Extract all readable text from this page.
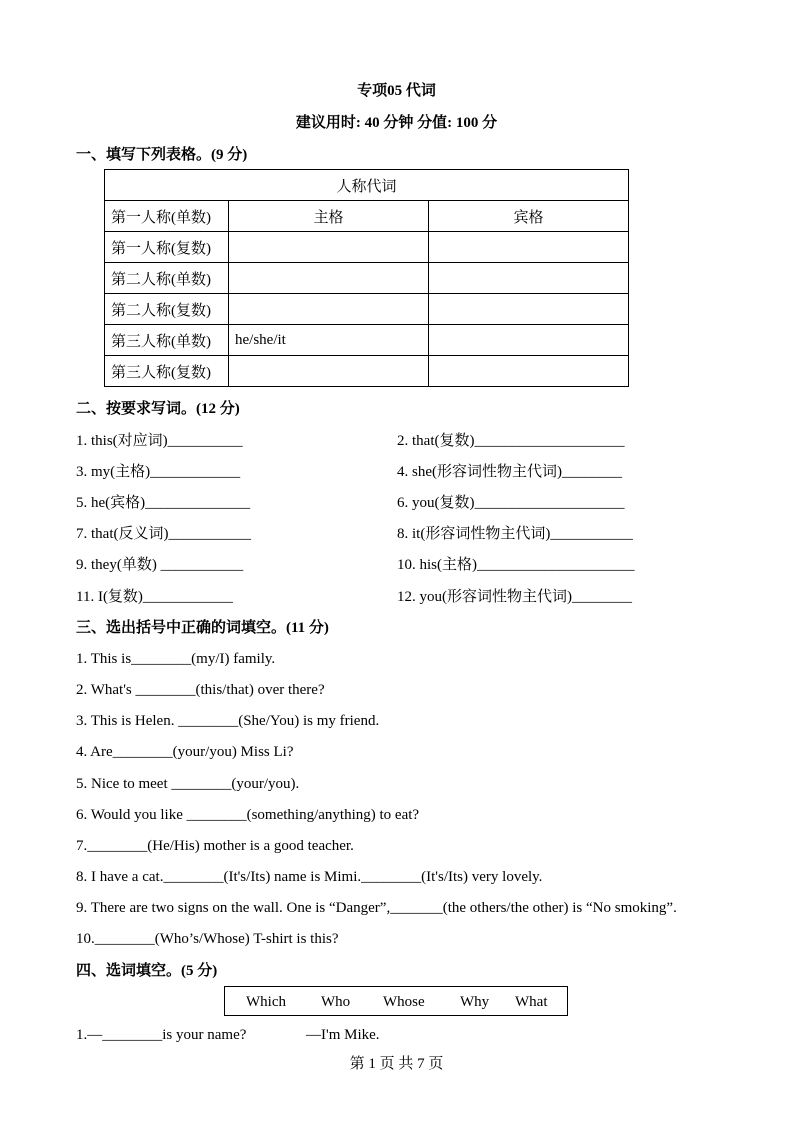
专项05 代词
建议用时: 40 分钟 分值: 100 分
一、填写下列表格。(9 分)
人称代词		
第一人称(单数)	主格	宾格
第一人称(复数)		
第二人称(单数)		
第二人称(复数)		
第三人称(单数)	he/she/it	
第三人称(复数)		
二、按要求写词。(12 分)
1. this(对应词)__________	2. that(复数)____________________
3. my(主格)____________	4. she(形容词性物主代词)________
5. he(宾格)______________	6. you(复数)____________________
7. that(反义词)___________	8. it(形容词性物主代词)___________
9. they(单数) ___________	10. his(主格)_____________________
11. I(复数)____________	12. you(形容词性物主代词)________
三、选出括号中正确的词填空。(11 分)
1. This is________(my/I) family.
2. What's ________(this/that) over there?
3. This is Helen. ________(She/You) is my friend.
4. Are________(your/you) Miss Li?
5. Nice to meet ________(your/you).
6. Would you like ________(something/anything) to eat?
7.________(He/His) mother is a good teacher.
8. I have a cat.________(It's/Its) name is Mimi.________(It's/Its) very lovely.
9. There are two signs on the wall. One is “Danger”,_______(the others/the other) is “No smoking”.
10.________(Who’s/Whose) T-shirt is this?
四、选词填空。(5 分)
Which Who Whose Why What
1.—________is your name?	—I'm Mike.
第 1 页 共 7 页
